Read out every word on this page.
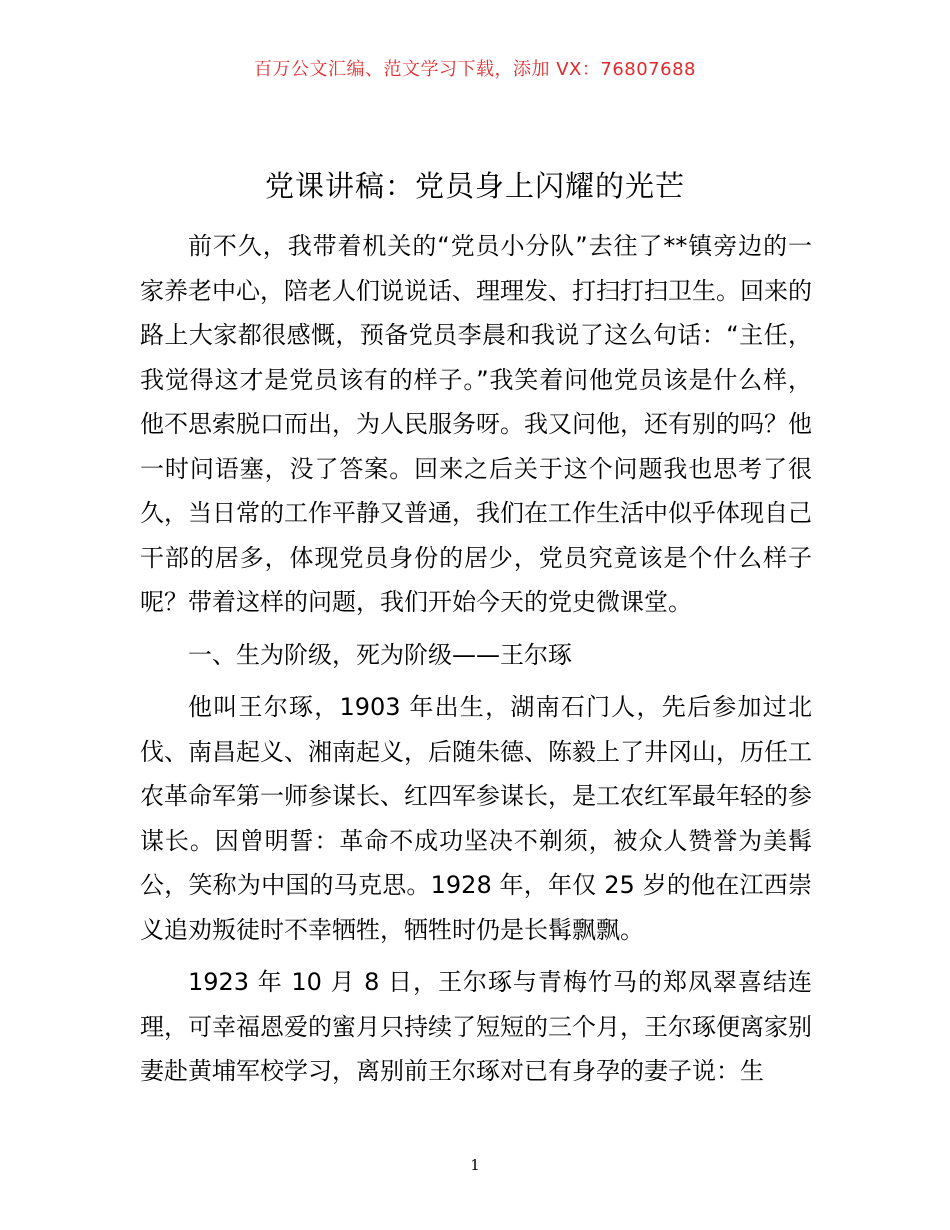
百万公文汇编、范文学习下载，添加 VX：76807688
党课讲稿：党员身上闪耀的光芒

前不久，我带着机关的“党员小分队”去往了**镇旁边的一家养老中心，陪老人们说说话、理理发、打扫打扫卫生。回来的路上大家都很感慨，预备党员李晨和我说了这么句话：“主任，我觉得这才是党员该有的样子。”我笑着问他党员该是什么样，他不思索脱口而出，为人民服务呀。我又问他，还有别的吗？他一时问语塞，没了答案。回来之后关于这个问题我也思考了很久，当日常的工作平静又普通，我们在工作生活中似乎体现自己干部的居多，体现党员身份的居少，党员究竟该是个什么样子呢？带着这样的问题，我们开始今天的党史微课堂。

一、生为阶级，死为阶级——王尔琢

他叫王尔琢，1903 年出生，湖南石门人，先后参加过北伐、南昌起义、湘南起义，后随朱德、陈毅上了井冈山，历任工农革命军第一师参谋长、红四军参谋长，是工农红军最年轻的参谋长。因曾明誓：革命不成功坚决不剃须，被众人赞誉为美髯公，笑称为中国的马克思。1928 年，年仅 25 岁的他在江西崇义追劝叛徒时不幸牺牲，牺牲时仍是长髯飘飘。

1923 年 10 月 8 日，王尔琢与青梅竹马的郑凤翠喜结连理，可幸福恩爱的蜜月只持续了短短的三个月，王尔琢便离家别妻赴黄埔军校学习，离别前王尔琢对已有身孕的妻子说：生

1
